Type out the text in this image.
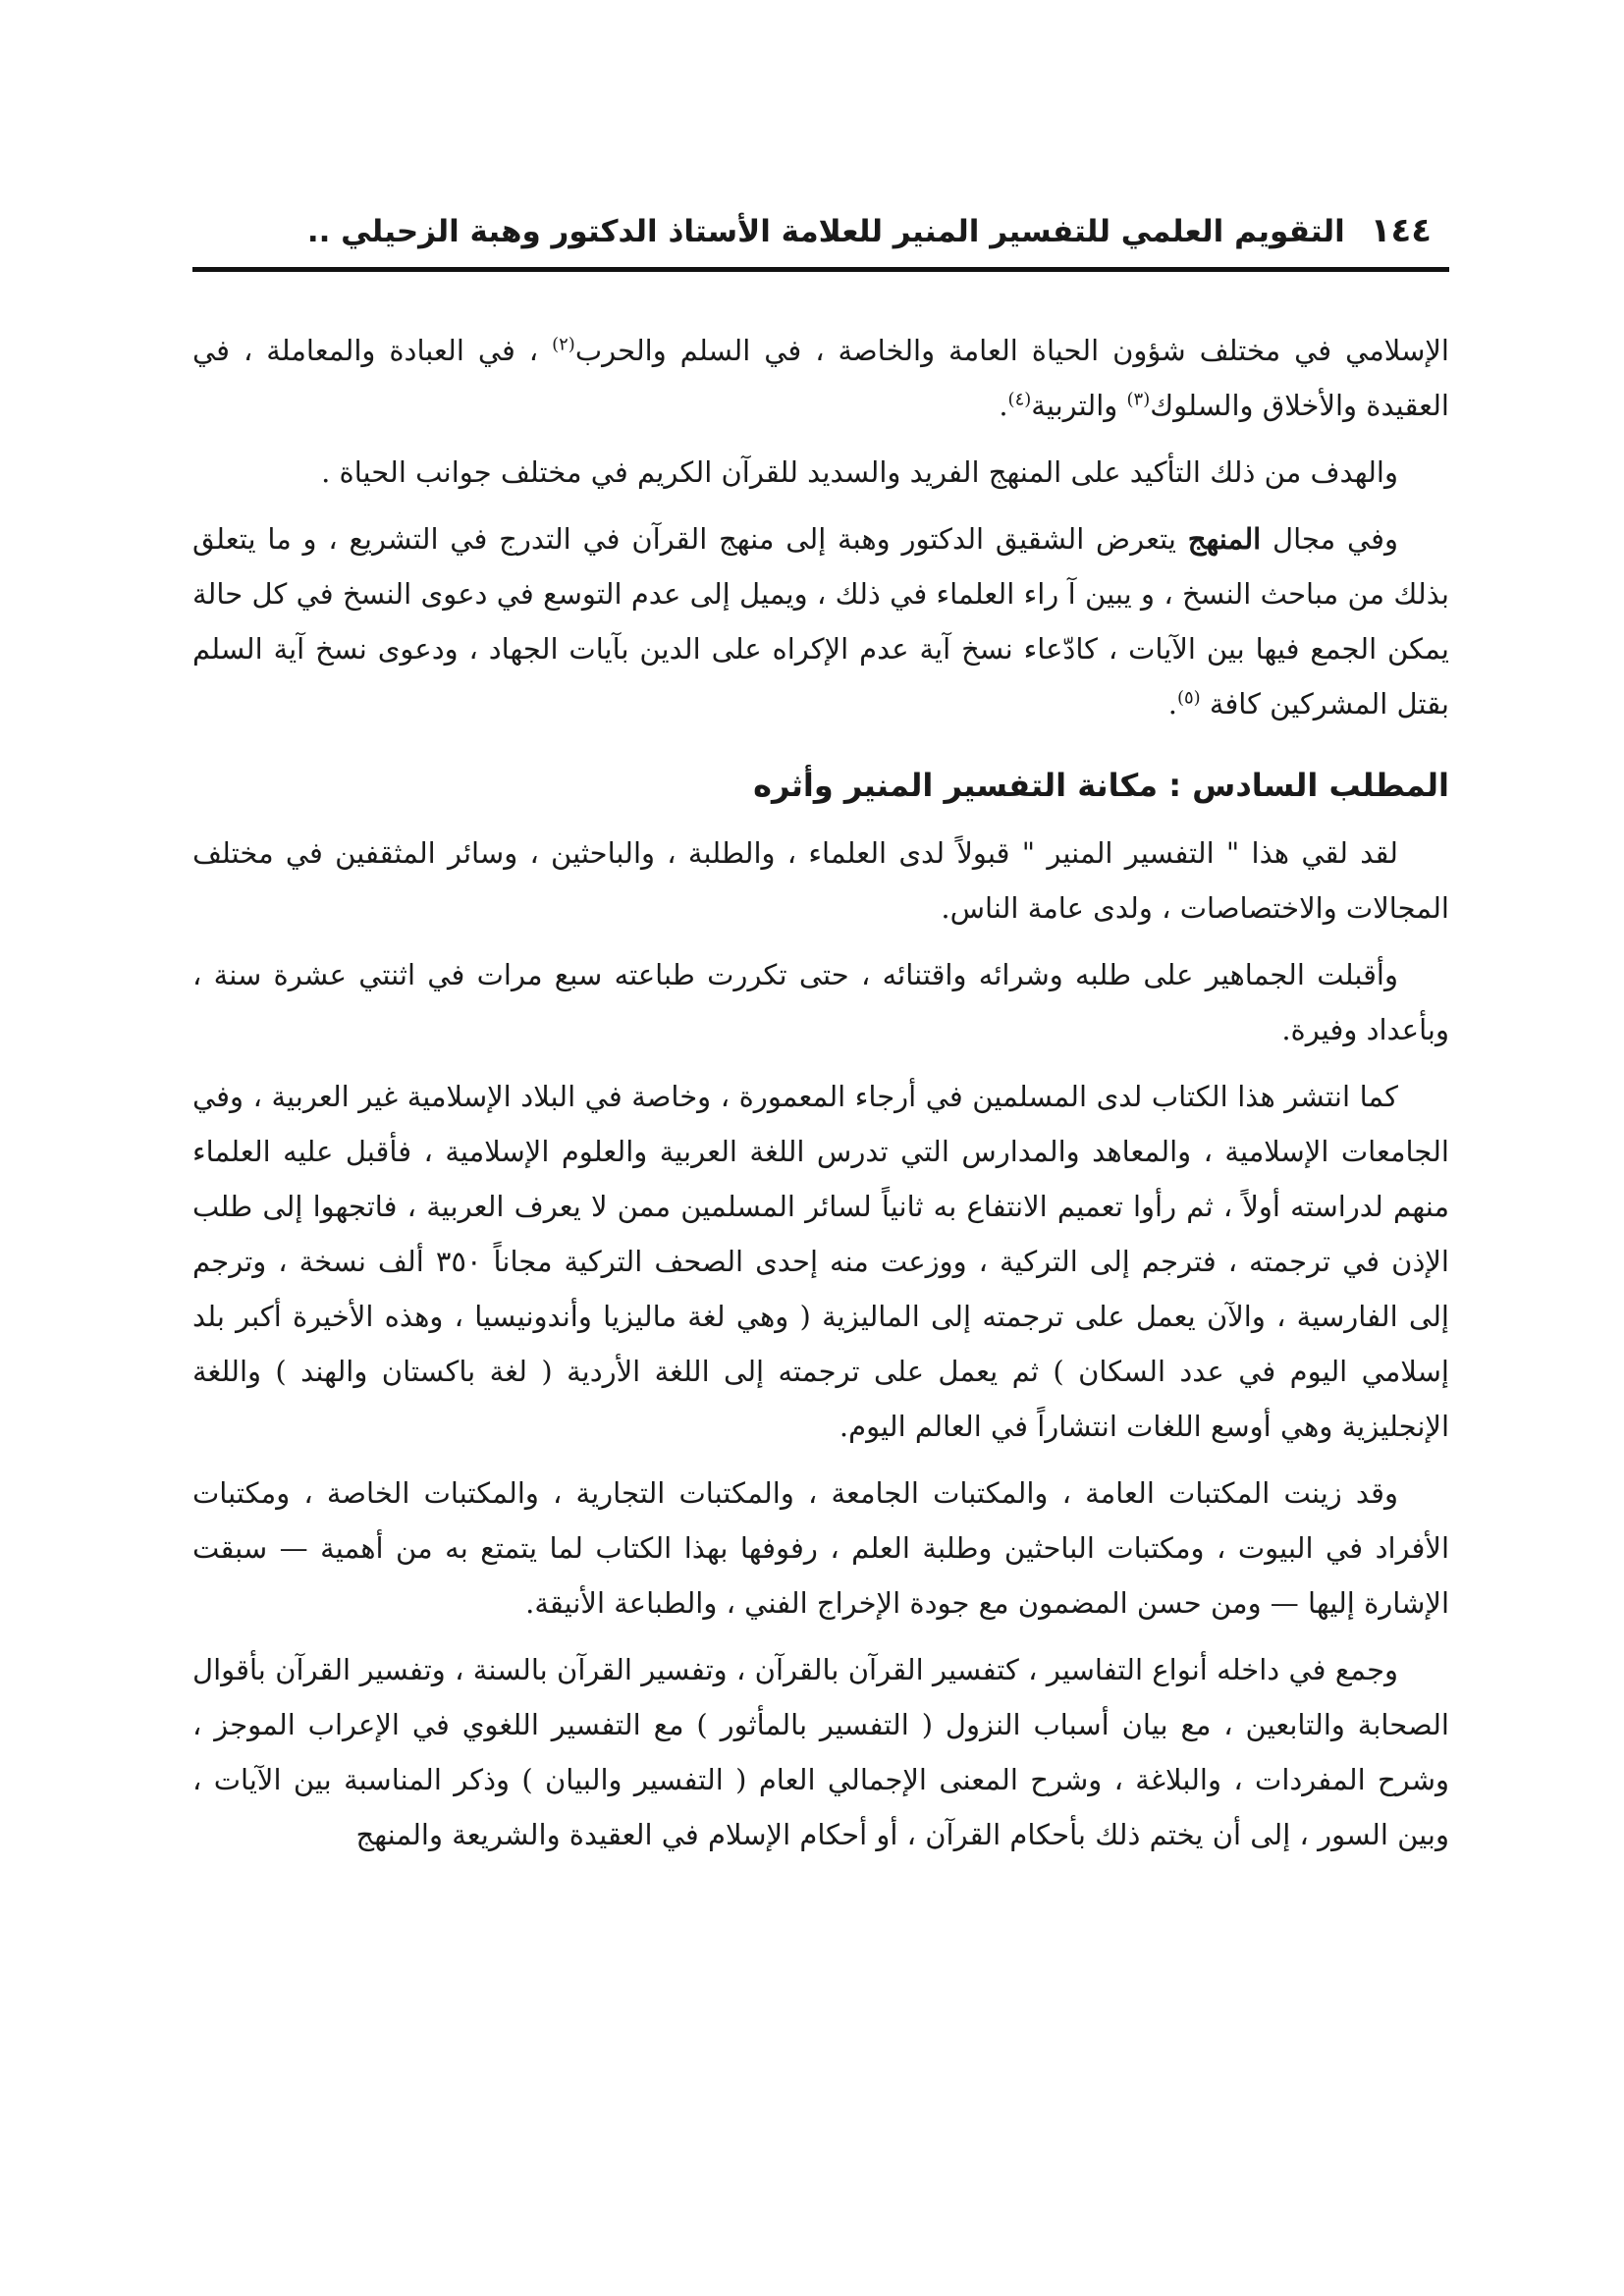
١٤٤
التقويم العلمي للتفسير المنير للعلامة الأستاذ الدكتور وهبة الزحيلي ..

الإسلامي في مختلف شؤون الحياة العامة والخاصة ، في السلم والحرب$^{(٢)}$ ، في العبادة والمعاملة ، في العقيدة والأخلاق والسلوك$^{(٣)}$ والتربية$^{(٤)}$.

والهدف من ذلك التأكيد على المنهج الفريد والسديد للقرآن الكريم في مختلف جوانب الحياة .

وفي مجال المنهج يتعرض الشقيق الدكتور وهبة إلى منهج القرآن في التدرج في التشريع ، و ما يتعلق بذلك من مباحث النسخ ، و يبين آ راء العلماء في ذلك ، ويميل إلى عدم التوسع في دعوى النسخ في كل حالة يمكن الجمع فيها بين الآيات ، كادّعاء نسخ آية عدم الإكراه على الدين بآيات الجهاد ، ودعوى نسخ آية السلم بقتل المشركين كافة $^{(٥)}$.

المطلب السادس : مكانة التفسير المنير وأثره

لقد لقي هذا " التفسير المنير " قبولاً لدى العلماء ، والطلبة ، والباحثين ، وسائر المثقفين في مختلف المجالات والاختصاصات ، ولدى عامة الناس.

وأقبلت الجماهير على طلبه وشرائه واقتنائه ، حتى تكررت طباعته سبع مرات في اثنتي عشرة سنة ، وبأعداد وفيرة.

كما انتشر هذا الكتاب لدى المسلمين في أرجاء المعمورة ، وخاصة في البلاد الإسلامية غير العربية ، وفي الجامعات الإسلامية ، والمعاهد والمدارس التي تدرس اللغة العربية والعلوم الإسلامية ، فأقبل عليه العلماء منهم لدراسته أولاً ، ثم رأوا تعميم الانتفاع به ثانياً لسائر المسلمين ممن لا يعرف العربية ، فاتجهوا إلى طلب الإذن في ترجمته ، فترجم إلى التركية ، ووزعت منه إحدى الصحف التركية مجاناً ٣٥٠ ألف نسخة ، وترجم إلى الفارسية ، والآن يعمل على ترجمته إلى الماليزية ( وهي لغة ماليزيا وأندونيسيا ، وهذه الأخيرة أكبر بلد إسلامي اليوم في عدد السكان ) ثم يعمل على ترجمته إلى اللغة الأردية ( لغة باكستان والهند ) واللغة الإنجليزية وهي أوسع اللغات انتشاراً في العالم اليوم.

وقد زينت المكتبات العامة ، والمكتبات الجامعة ، والمكتبات التجارية ، والمكتبات الخاصة ، ومكتبات الأفراد في البيوت ، ومكتبات الباحثين وطلبة العلم ، رفوفها بهذا الكتاب لما يتمتع به من أهمية — سبقت الإشارة إليها — ومن حسن المضمون مع جودة الإخراج الفني ، والطباعة الأنيقة.

وجمع في داخله أنواع التفاسير ، كتفسير القرآن بالقرآن ، وتفسير القرآن بالسنة ، وتفسير القرآن بأقوال الصحابة والتابعين ، مع بيان أسباب النزول ( التفسير بالمأثور ) مع التفسير اللغوي في الإعراب الموجز ، وشرح المفردات ، والبلاغة ، وشرح المعنى الإجمالي العام ( التفسير والبيان ) وذكر المناسبة بين الآيات ، وبين السور ، إلى أن يختم ذلك بأحكام القرآن ، أو أحكام الإسلام في العقيدة والشريعة والمنهج
